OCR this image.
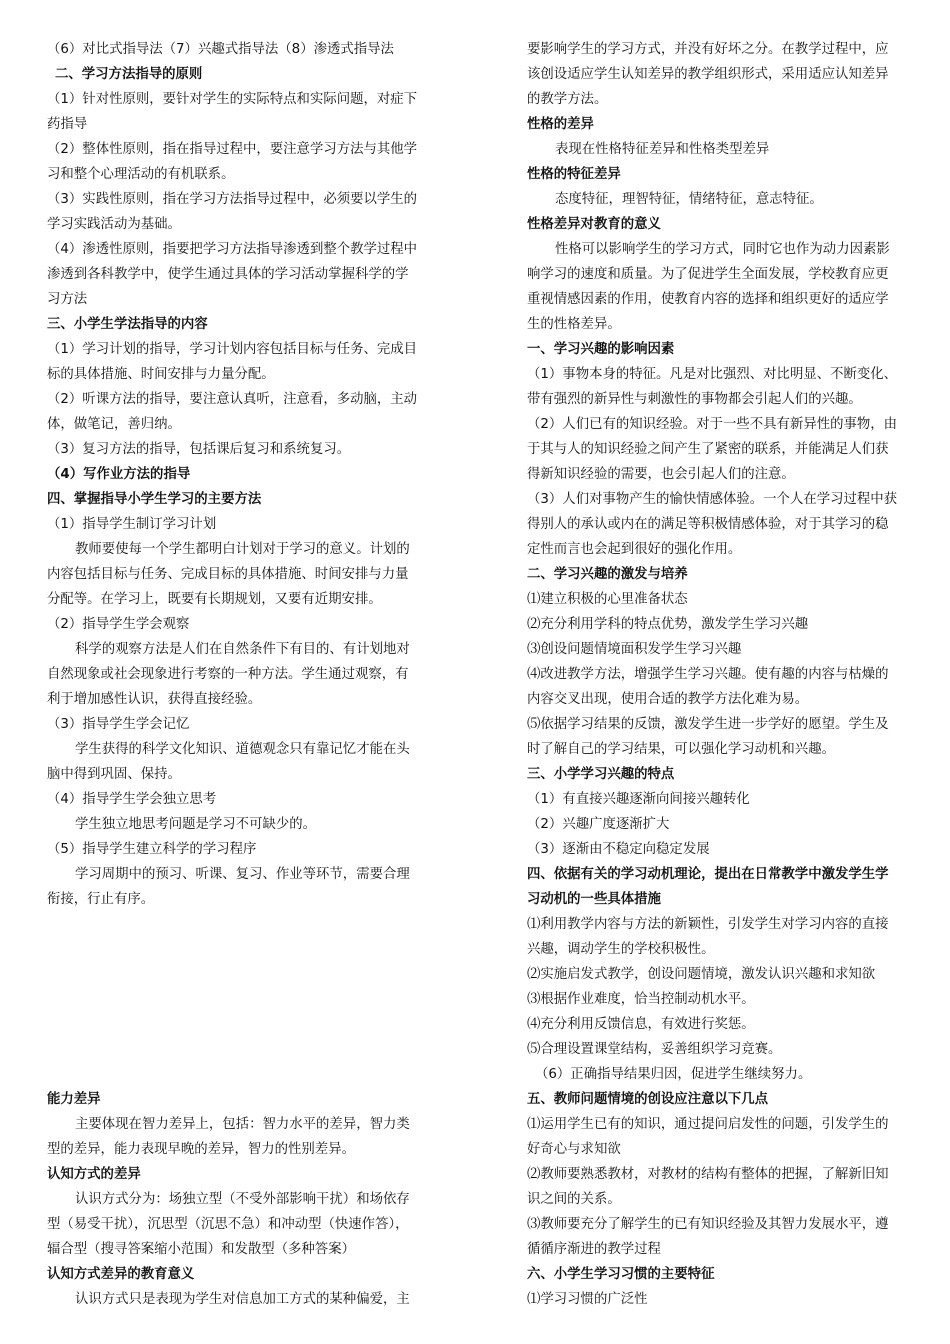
（6）对比式指导法（7）兴趣式指导法（8）渗透式指导法
二、学习方法指导的原则
（1）针对性原则，要针对学生的实际特点和实际问题，对症下
药指导
（2）整体性原则，指在指导过程中，要注意学习方法与其他学
习和整个心理活动的有机联系。
（3）实践性原则，指在学习方法指导过程中，必须要以学生的
学习实践活动为基础。
（4）渗透性原则，指要把学习方法指导渗透到整个教学过程中
渗透到各科教学中，使学生通过具体的学习活动掌握科学的学
习方法
三、小学生学法指导的内容
（1）学习计划的指导，学习计划内容包括目标与任务、完成目
标的具体措施、时间安排与力量分配。
（2）听课方法的指导，要注意认真听，注意看，多动脑，主动
体，做笔记，善归纳。
（3）复习方法的指导，包括课后复习和系统复习。
（4）写作业方法的指导
四、掌握指导小学生学习的主要方法
（1）指导学生制订学习计划
教师要使每一个学生都明白计划对于学习的意义。计划的
内容包括目标与任务、完成目标的具体措施、时间安排与力量
分配等。在学习上，既要有长期规划，又要有近期安排。
（2）指导学生学会观察
科学的观察方法是人们在自然条件下有目的、有计划地对
自然现象或社会现象进行考察的一种方法。学生通过观察，有
利于增加感性认识，获得直接经验。
（3）指导学生学会记忆
学生获得的科学文化知识、道德观念只有靠记忆才能在头
脑中得到巩固、保持。
（4）指导学生学会独立思考
学生独立地思考问题是学习不可缺少的。
（5）指导学生建立科学的学习程序
学习周期中的预习、听课、复习、作业等环节，需要合理
衔接，行止有序。
能力差异
主要体现在智力差异上，包括：智力水平的差异，智力类
型的差异，能力表现早晚的差异，智力的性别差异。
认知方式的差异
认识方式分为：场独立型（不受外部影响干扰）和场依存
型（易受干扰），沉思型（沉思不急）和冲动型（快速作答），
辐合型（搜寻答案缩小范围）和发散型（多种答案）
认知方式差异的教育意义
认识方式只是表现为学生对信息加工方式的某种偏爱，主
要影响学生的学习方式，并没有好坏之分。在教学过程中，应
该创设适应学生认知差异的教学组织形式，采用适应认知差异
的教学方法。
性格的差异
表现在性格特征差异和性格类型差异
性格的特征差异
态度特征，理智特征，情绪特征，意志特征。
性格差异对教育的意义
性格可以影响学生的学习方式，同时它也作为动力因素影
响学习的速度和质量。为了促进学生全面发展，学校教育应更
重视情感因素的作用，使教育内容的选择和组织更好的适应学
生的性格差异。
一、学习兴趣的影响因素
（1）事物本身的特征。凡是对比强烈、对比明显、不断变化、
带有强烈的新异性与刺激性的事物都会引起人们的兴趣。
（2）人们已有的知识经验。对于一些不具有新异性的事物，由
于其与人的知识经验之间产生了紧密的联系，并能满足人们获
得新知识经验的需要，也会引起人们的注意。
（3）人们对事物产生的愉快情感体验。一个人在学习过程中获
得别人的承认或内在的满足等积极情感体验，对于其学习的稳
定性而言也会起到很好的强化作用。
二、学习兴趣的激发与培养
⑴建立积极的心里准备状态
⑵充分利用学科的特点优势，激发学生学习兴趣
⑶创设问题情境面积发学生学习兴趣
⑷改进教学方法，增强学生学习兴趣。使有趣的内容与枯燥的
内容交叉出现，使用合适的教学方法化难为易。
⑸依据学习结果的反馈，激发学生进一步学好的愿望。学生及
时了解自己的学习结果，可以强化学习动机和兴趣。
三、小学学习兴趣的特点
（1）有直接兴趣逐渐向间接兴趣转化
（2）兴趣广度逐渐扩大
（3）逐渐由不稳定向稳定发展
四、依据有关的学习动机理论，提出在日常教学中激发学生学
习动机的一些具体措施
⑴利用教学内容与方法的新颖性，引发学生对学习内容的直接
兴趣，调动学生的学校积极性。
⑵实施启发式教学，创设问题情境，激发认识兴趣和求知欲
⑶根据作业难度，恰当控制动机水平。
⑷充分利用反馈信息，有效进行奖惩。
⑸合理设置课堂结构，妥善组织学习竞赛。
（6）正确指导结果归因，促进学生继续努力。
五、教师问题情境的创设应注意以下几点
⑴运用学生已有的知识，通过提问启发性的问题，引发学生的
好奇心与求知欲
⑵教师要熟悉教材，对教材的结构有整体的把握，了解新旧知
识之间的关系。
⑶教师要充分了解学生的已有知识经验及其智力发展水平，遵
循循序渐进的教学过程
六、小学生学习习惯的主要特征
⑴学习习惯的广泛性
